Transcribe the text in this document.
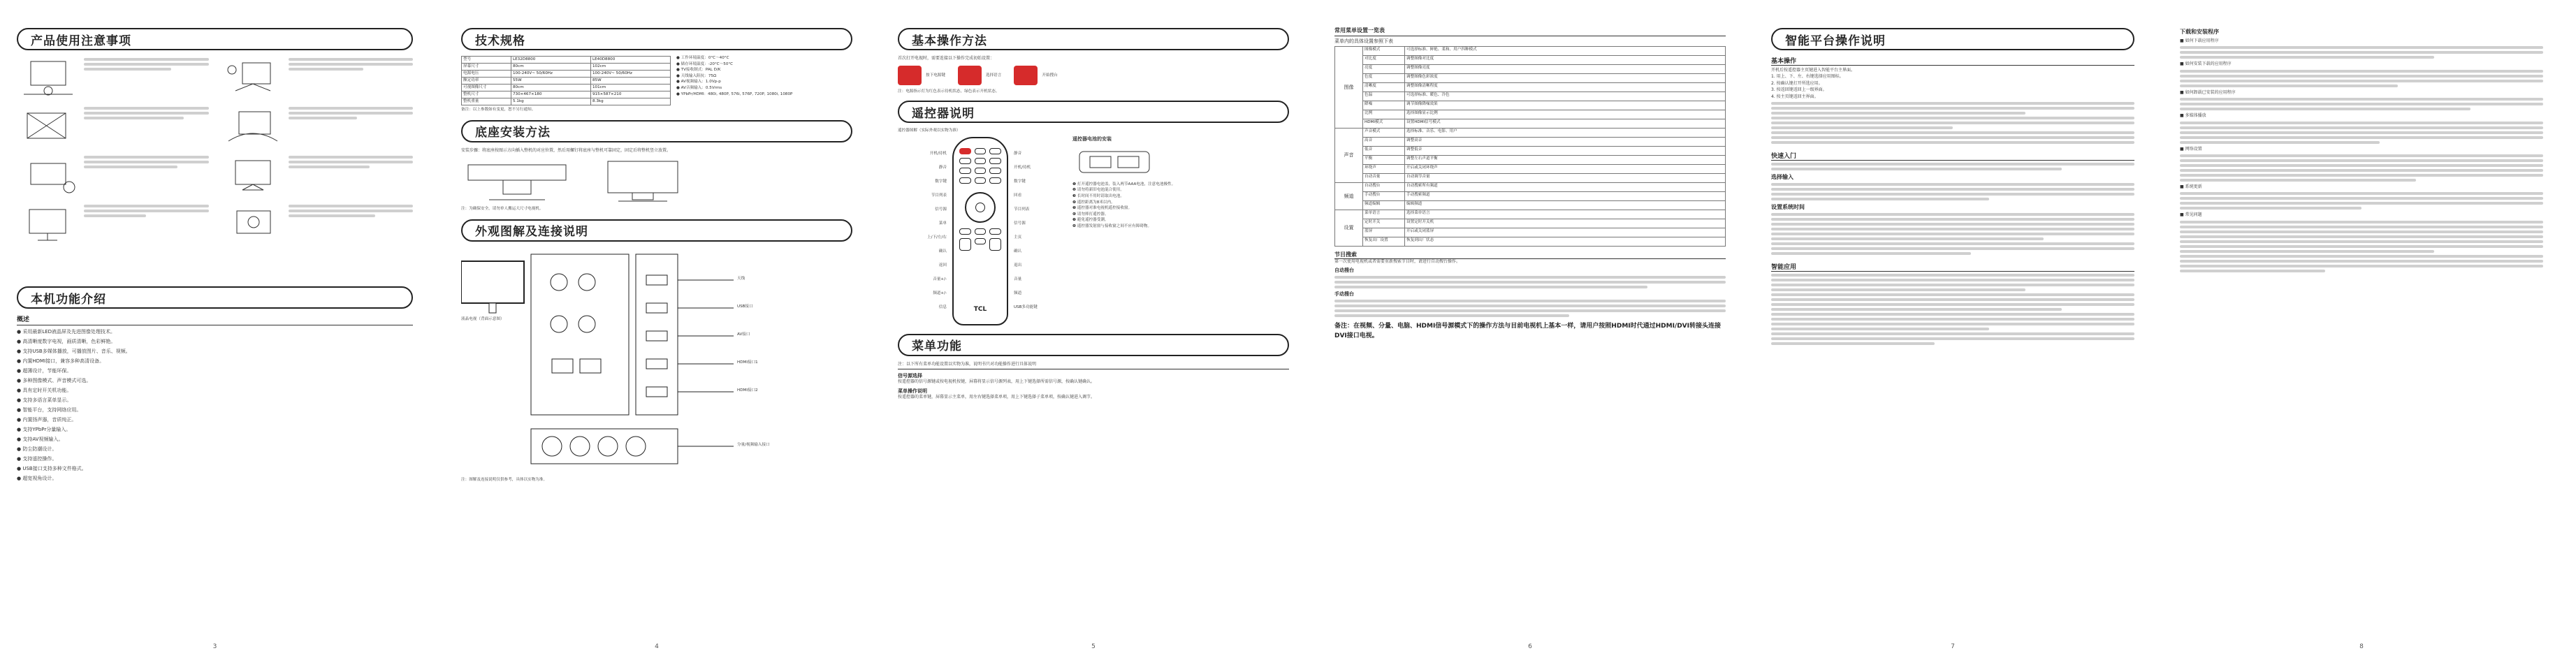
产品使用注意事项
本机功能介绍
概述

● 采用最新LED液晶屏及先进图像处理技术。

● 高清晰度数字电视，画质清晰，色彩鲜艳。

● 支持USB多媒体播放，可播放图片、音乐、视频。

● 内置HDMI接口，兼容多种高清设备。

● 超薄设计，节能环保。

● 多种图像模式、声音模式可选。

● 具有定时开关机功能。

● 支持多语言菜单显示。

● 智能平台，支持网络应用。

● 内置扬声器，音质纯正。

● 支持YPbPr分量输入。

● 支持AV视频输入。

● 防尘防潮设计。

● 支持遥控操作。

● USB接口支持多种文件格式。

● 超宽视角设计。

3
技术规格
型号	LE32D8800	LE40D8800
屏幕尺寸	80cm	102cm
电源电压	100-240V~ 50/60Hz	100-240V~ 50/60Hz
额定功率	55W	85W
可视图像尺寸	80cm	101cm
整机尺寸	730×467×180	915×587×210
整机重量	5.1kg	8.3kg

● 工作环境温度：0°C～40°C

● 储存环境温度：-20°C～50°C

● TV接收制式：PAL D/K

● 天线输入阻抗：75Ω

● AV视频输入：1.0Vp-p

● AV音频输入：0.5Vrms

● YPbPr/HDMI：480i, 480P, 576i, 576P, 720P, 1080i, 1080P

备注：以上参数如有变更，恕不另行通知。
底座安装方法
安装步骤：将底座按图示方向插入整机的对应位置，然后用螺钉将底座与整机可靠固定，固定后将整机竖立放置。
注：为确保安全，请勿单人搬运大尺寸电视机。
外观图解及连接说明
液晶电视（背面示意图）
天线
USB接口
AV接口
HDMI接口1
HDMI接口2
分量/视频输入接口
注：图解及连接说明仅供参考，具体以实物为准。
4
基本操作方法
首次打开电视时，需要连接以下操作完成初始设置：
按下电源键	选择语言	开始搜台
注：电源指示灯为红色表示待机状态，绿色表示开机状态。
遥控器说明
遥控器图解（实际外观以实物为准）
开机/待机
静音
数字键
节目列表
信号源
菜单
上/下/左/右
确认
返回
音量+/-
频道+/-
信息	TCL
静音
开机/待机
数字键
回看
节目列表
信号源
主页
确认
退出
音量
频道
USB多功能键
遥控器电池的安装

❶ 打开遥控器电池盖，装入两节AAA电池，注意电池极性。

❷ 请勿将新旧电池混合使用。

❸ 长时间不用时请取出电池。

❹ 遥控距离为8米以内。

❺ 遥控器对准电视机遥控接收窗。

❻ 请勿摔打遥控器。

❼ 避免遥控器受潮。

❽ 遥控器发射窗与接收窗之间不应有障碍物。

菜单功能
注：以下所有菜单功能设置以实物为准，说明书只对功能操作进行具体说明
信号源选择
按遥控器的信号源键或按电视机按键，屏幕将显示信号源列表，用上下键选择所需信号源，按确认键确认。
菜单操作说明
按遥控器的菜单键，屏幕显示主菜单，用左右键选择菜单项，用上下键选择子菜单项，按确认键进入调节。
5
常用菜单设置一览表
菜单内的具体设置参照下表
图像	图像模式	可选择标准、鲜艳、柔和、用户四种模式
	对比度	调整图像对比度
	亮度	调整图像亮度
	色度	调整图像色彩浓度
	清晰度	调整图像清晰程度
	色温	可选择标准、暖色、冷色
	降噪	调节图像降噪效果
	比例	选择图像显示比例
	HDMI模式	设置HDMI信号模式
声音	声音模式	选择标准、音乐、电影、用户
	高音	调整高音
	低音	调整低音
	平衡	调整左右声道平衡
	环绕声	开启或关闭环绕声
	自动音量	自动调节音量
频道	自动搜台	自动搜索所有频道
	手动搜台	手动搜索频道
	频道编辑	编辑频道
设置	菜单语言	选择菜单语言
	定时开关	设置定时开关机
	蓝屏	开启或关闭蓝屏
	恢复出厂设置	恢复到出厂状态
节目搜索
第一次使用电视机或者需要重新搜索节目时，请进行自动搜台操作。
自动搜台
手动搜台
备注：在视频、分量、电脑、HDMI信号源模式下的操作方法与目前电视机上基本一样，请用户按照HDMI时代通过HDMI/DVI转接头连接DVI接口电视。
6
智能平台操作说明
基本操作

开机后按遥控器主页键进入智能平台主界面。

1. 用上、下、左、右键选择应用图标。

2. 按确认键打开所选应用。

3. 按返回键返回上一级界面。

4. 按主页键返回主界面。

快速入门
选择输入
设置系统时间
智能应用
7
下载和安装程序
■ 如何下载应用程序
■ 如何安装下载的应用程序
■ 如何卸载已安装的应用程序
■ 多媒体播放
■ 网络设置
■ 系统更新
■ 常见问题
8
